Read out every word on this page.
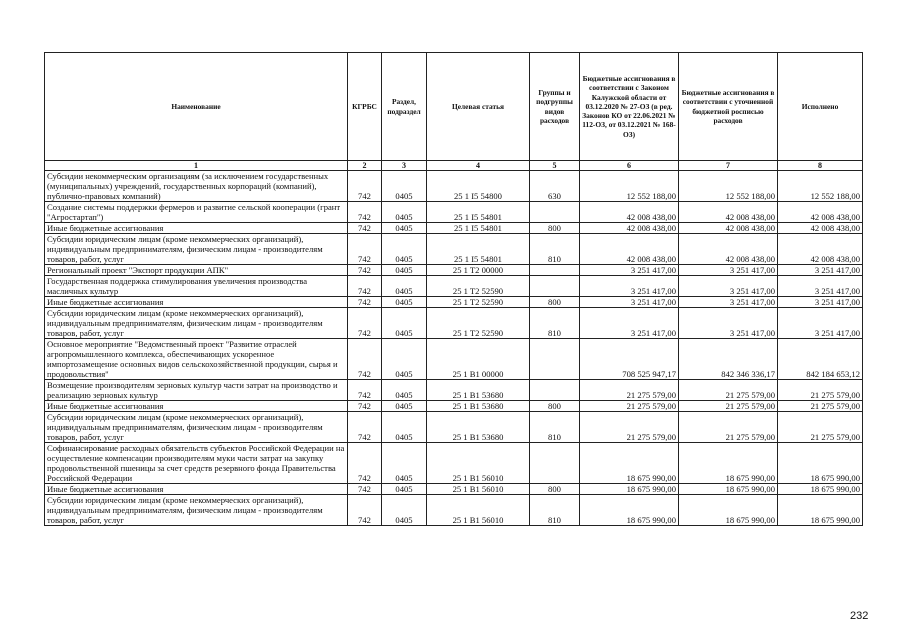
Наименование	КГРБС	Раздел, подраздел	Целевая статья	Группы и подгруппы видов расходов	Бюджетные ассигнования в соответствии с Законом Калужской области от 03.12.2020 № 27-ОЗ (в ред. Законов КО от 22.06.2021 № 112-ОЗ, от 03.12.2021 № 168-ОЗ)	Бюджетные ассигнования в соответствии с уточненной бюджетной росписью расходов	Исполнено
1	2	3	4	5	6	7	8
Субсидии некоммерческим организациям (за исключением государственных (муниципальных) учреждений, государственных корпораций (компаний), публично-правовых компаний)	742	0405	25 1 I5 54800	630	12 552 188,00	12 552 188,00	12 552 188,00
Создание системы поддержки фермеров и развитие сельской кооперации (грант "Агростартап")	742	0405	25 1 I5 54801		42 008 438,00	42 008 438,00	42 008 438,00
Иные бюджетные ассигнования	742	0405	25 1 I5 54801	800	42 008 438,00	42 008 438,00	42 008 438,00
Субсидии юридическим лицам (кроме некоммерческих организаций), индивидуальным предпринимателям, физическим лицам - производителям товаров, работ, услуг	742	0405	25 1 I5 54801	810	42 008 438,00	42 008 438,00	42 008 438,00
Региональный проект "Экспорт продукции АПК"	742	0405	25 1 T2 00000		3 251 417,00	3 251 417,00	3 251 417,00
Государственная поддержка стимулирования увеличения производства масличных культур	742	0405	25 1 T2 52590		3 251 417,00	3 251 417,00	3 251 417,00
Иные бюджетные ассигнования	742	0405	25 1 T2 52590	800	3 251 417,00	3 251 417,00	3 251 417,00
Субсидии юридическим лицам (кроме некоммерческих организаций), индивидуальным предпринимателям, физическим лицам - производителям товаров, работ, услуг	742	0405	25 1 T2 52590	810	3 251 417,00	3 251 417,00	3 251 417,00
Основное мероприятие "Ведомственный проект "Развитие отраслей агропромышленного комплекса, обеспечивающих ускоренное импортозамещение основных видов сельскохозяйственной продукции, сырья и продовольствия"	742	0405	25 1 B1 00000		708 525 947,17	842 346 336,17	842 184 653,12
Возмещение производителям зерновых культур части затрат на производство и реализацию зерновых культур	742	0405	25 1 B1 53680		21 275 579,00	21 275 579,00	21 275 579,00
Иные бюджетные ассигнования	742	0405	25 1 B1 53680	800	21 275 579,00	21 275 579,00	21 275 579,00
Субсидии юридическим лицам (кроме некоммерческих организаций), индивидуальным предпринимателям, физическим лицам - производителям товаров, работ, услуг	742	0405	25 1 B1 53680	810	21 275 579,00	21 275 579,00	21 275 579,00
Софинансирование расходных обязательств субъектов Российской Федерации на осуществление компенсации производителям муки части затрат на закупку продовольственной пшеницы за счет средств резервного фонда Правительства Российской Федерации	742	0405	25 1 B1 56010		18 675 990,00	18 675 990,00	18 675 990,00
Иные бюджетные ассигнования	742	0405	25 1 B1 56010	800	18 675 990,00	18 675 990,00	18 675 990,00
Субсидии юридическим лицам (кроме некоммерческих организаций), индивидуальным предпринимателям, физическим лицам - производителям товаров, работ, услуг	742	0405	25 1 B1 56010	810	18 675 990,00	18 675 990,00	18 675 990,00
232
